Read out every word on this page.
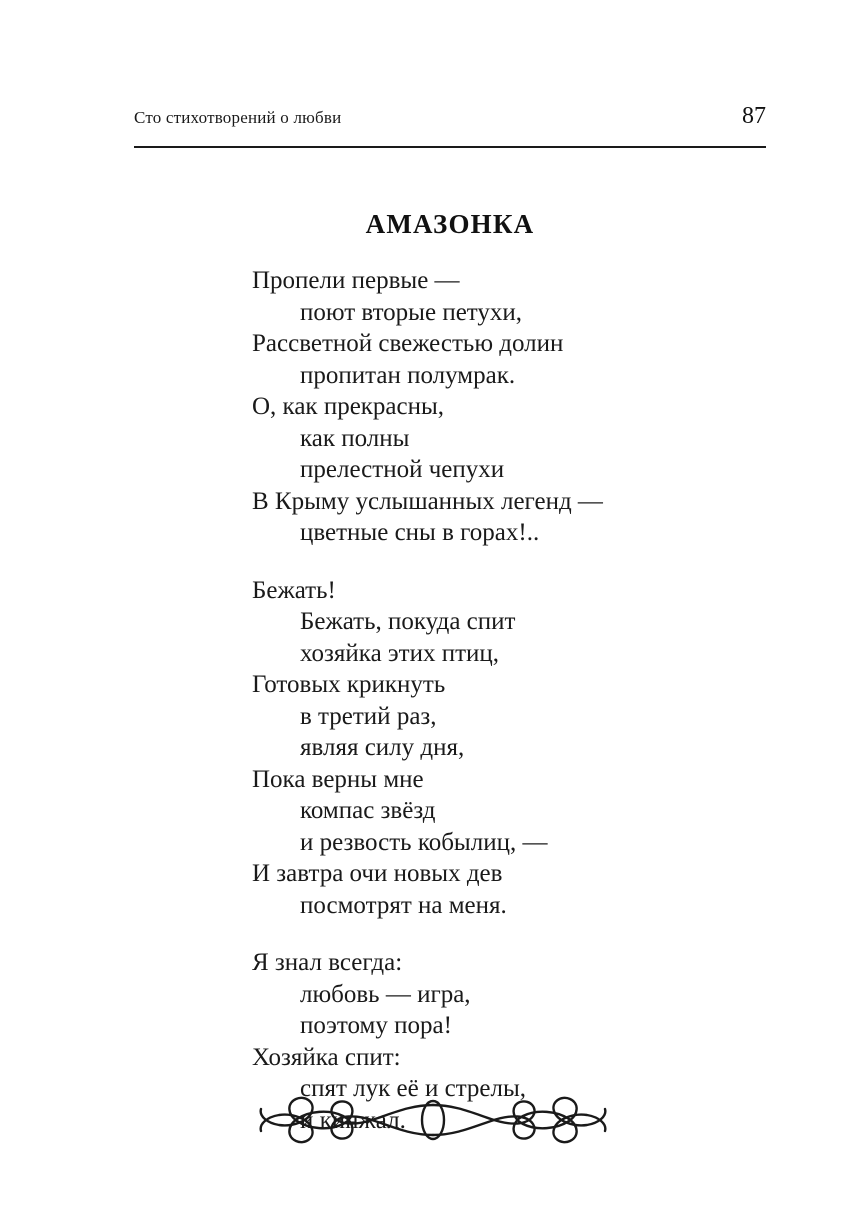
Сто стихотворений о любви	87
АМАЗОНКА
Пропели первые —
поют вторые петухи,
Рассветной свежестью долин
пропитан полумрак.
О, как прекрасны,
как полны
прелестной чепухи
В Крыму услышанных легенд —
цветные сны в горах!..
Бежать!
Бежать, покуда спит
хозяйка этих птиц,
Готовых крикнуть
в третий раз,
являя силу дня,
Пока верны мне
компас звёзд
и резвость кобылиц, —
И завтра очи новых дев
посмотрят на меня.
Я знал всегда:
любовь — игра,
поэтому пора!
Хозяйка спит:
спят лук её и стрелы,
и кинжал.
